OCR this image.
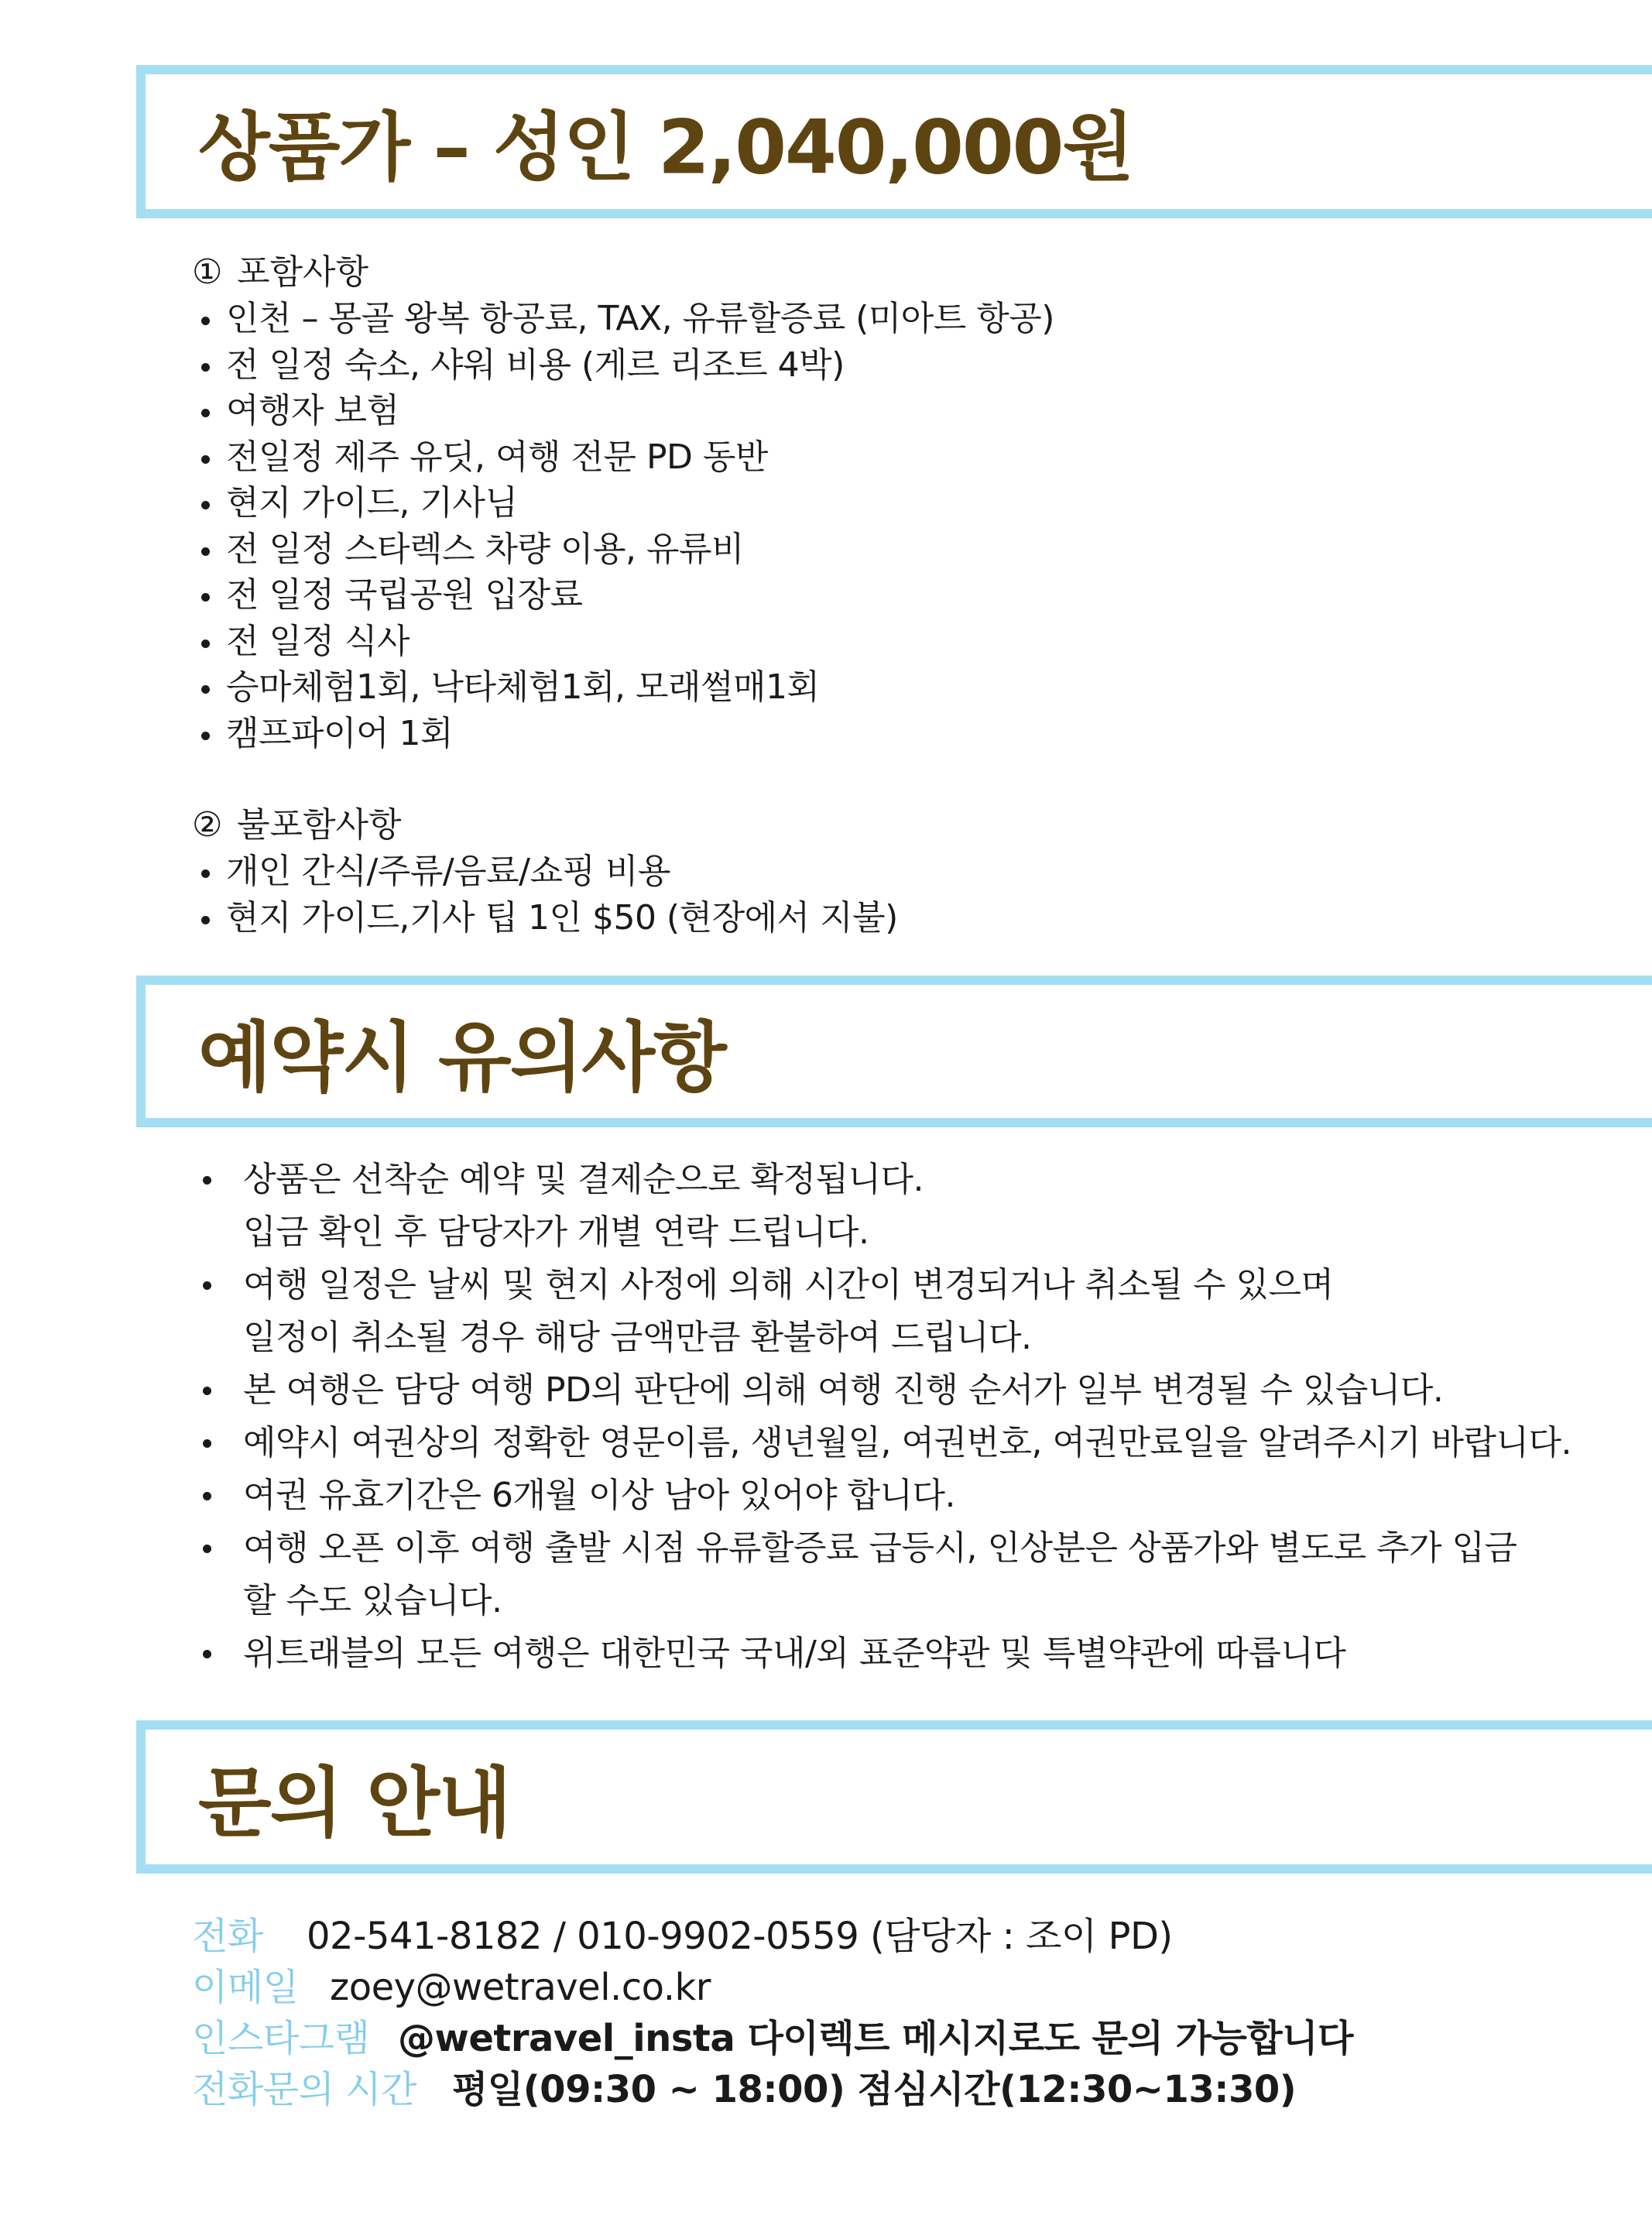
상품가 – 성인 2,040,000원
① 포함사항
인천 – 몽골 왕복 항공료, TAX, 유류할증료 (미아트 항공)
전 일정 숙소, 샤워 비용 (게르 리조트 4박)
여행자 보험
전일정 제주 유딧, 여행 전문 PD 동반
현지 가이드, 기사님
전 일정 스타렉스 차량 이용, 유류비
전 일정 국립공원 입장료
전 일정 식사
승마체험1회, 낙타체험1회, 모래썰매1회
캠프파이어 1회
② 불포함사항
개인 간식/주류/음료/쇼핑 비용
현지 가이드,기사 팁 1인 $50 (현장에서 지불)
예약시 유의사항
상품은 선착순 예약 및 결제순으로 확정됩니다.
입금 확인 후 담당자가 개별 연락 드립니다.
여행 일정은 날씨 및 현지 사정에 의해 시간이 변경되거나 취소될 수 있으며
일정이 취소될 경우 해당 금액만큼 환불하여 드립니다.
본 여행은 담당 여행 PD의 판단에 의해 여행 진행 순서가 일부 변경될 수 있습니다.
예약시 여권상의 정확한 영문이름, 생년월일, 여권번호, 여권만료일을 알려주시기 바랍니다.
여권 유효기간은 6개월 이상 남아 있어야 합니다.
여행 오픈 이후 여행 출발 시점 유류할증료 급등시, 인상분은 상품가와 별도로 추가 입금
할 수도 있습니다.
위트래블의 모든 여행은 대한민국 국내/외 표준약관 및 특별약관에 따릅니다
문의 안내
전화 02-541-8182 / 010-9902-0559 (담당자 : 조이 PD)
이메일 zoey@wetravel.co.kr
인스타그램 @wetravel_insta 다이렉트 메시지로도 문의 가능합니다
전화문의 시간 평일(09:30 ~ 18:00) 점심시간(12:30~13:30)
